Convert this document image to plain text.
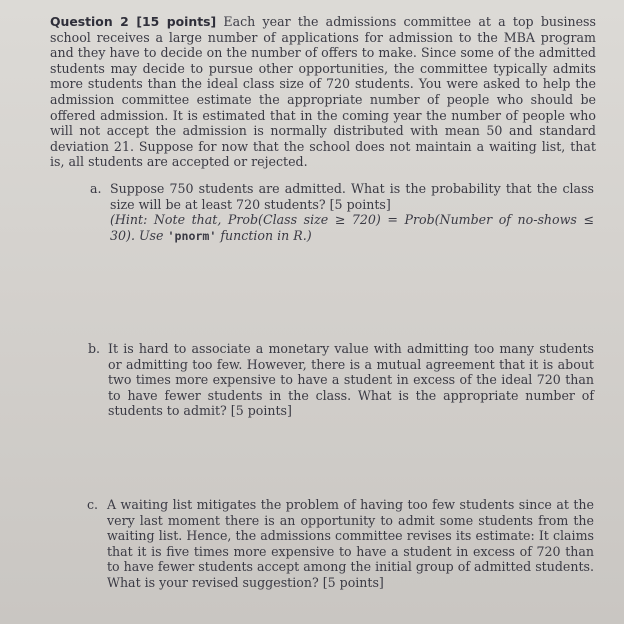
Question 2 [15 points] Each year the admissions committee at a top business school receives a large number of applications for admission to the MBA program and they have to decide on the number of offers to make. Since some of the admitted students may decide to pursue other opportunities, the committee typically admits more students than the ideal class size of 720 students. You were asked to help the admission committee estimate the appropriate number of people who should be offered admission. It is estimated that in the coming year the number of people who will not accept the admission is normally distributed with mean 50 and standard deviation 21. Suppose for now that the school does not maintain a waiting list, that is, all students are accepted or rejected.
a. Suppose 750 students are admitted. What is the probability that the class size will be at least 720 students? [5 points]
(Hint: Note that, Prob(Class size ≥ 720) = Prob(Number of no-shows ≤ 30). Use 'pnorm' function in R.)
b. It is hard to associate a monetary value with admitting too many students or admitting too few. However, there is a mutual agreement that it is about two times more expensive to have a student in excess of the ideal 720 than to have fewer students in the class. What is the appropriate number of students to admit? [5 points]
c. A waiting list mitigates the problem of having too few students since at the very last moment there is an opportunity to admit some students from the waiting list. Hence, the admissions committee revises its estimate: It claims that it is five times more expensive to have a student in excess of 720 than to have fewer students accept among the initial group of admitted students. What is your revised suggestion? [5 points]
